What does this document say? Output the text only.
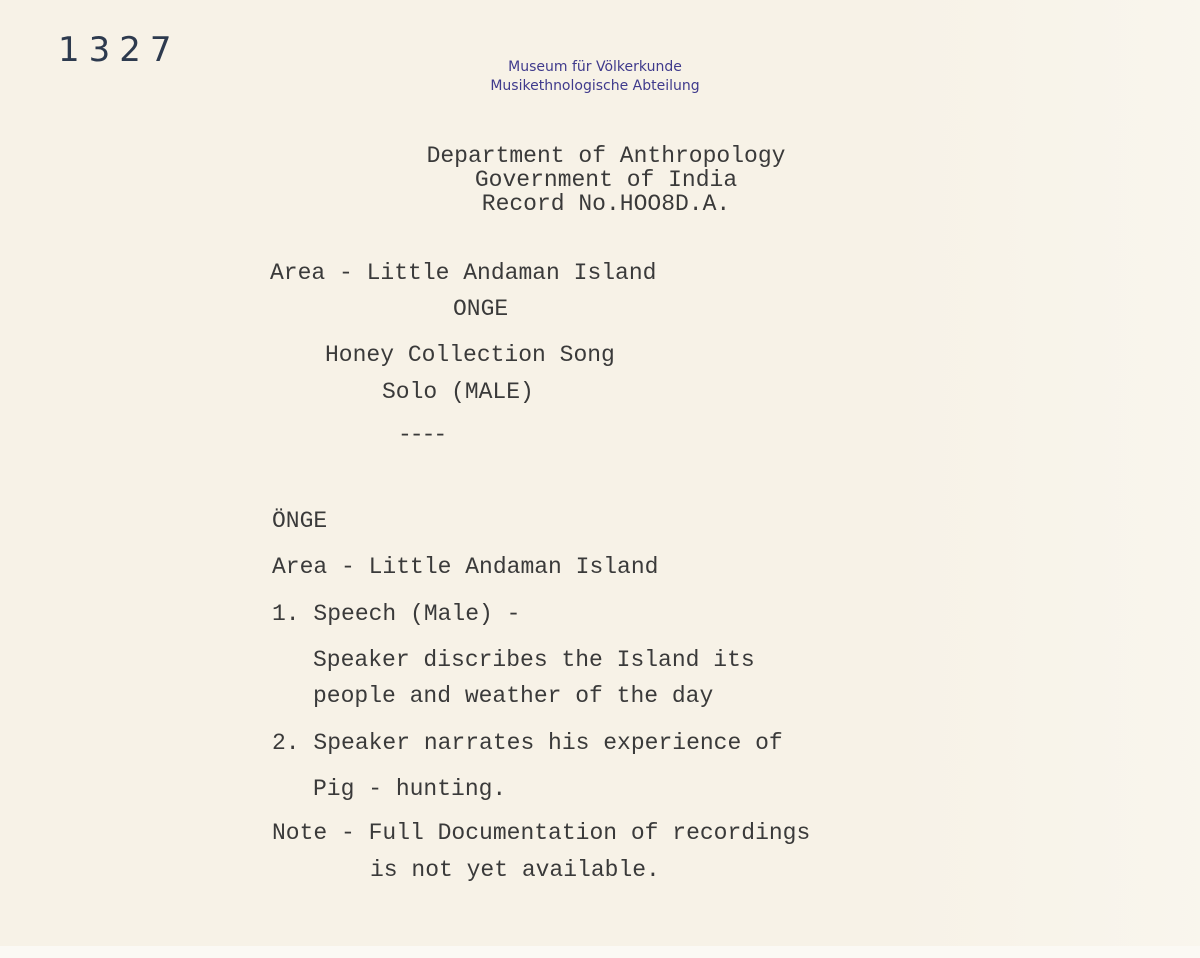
1327	Museum für Völkerkunde
Musikethnologische Abteilung
Department of Anthropology
Government of India
Record No.HOO8D.A.
Area - Little Andaman Island
ONGE
Honey Collection Song
Solo (MALE)
----
ÖNGE
Area - Little Andaman Island
1. Speech (Male) -
Speaker discribes the Island its
people and weather of the day
2. Speaker narrates his experience of
Pig - hunting.
Note - Full Documentation of recordings
is not yet available.
